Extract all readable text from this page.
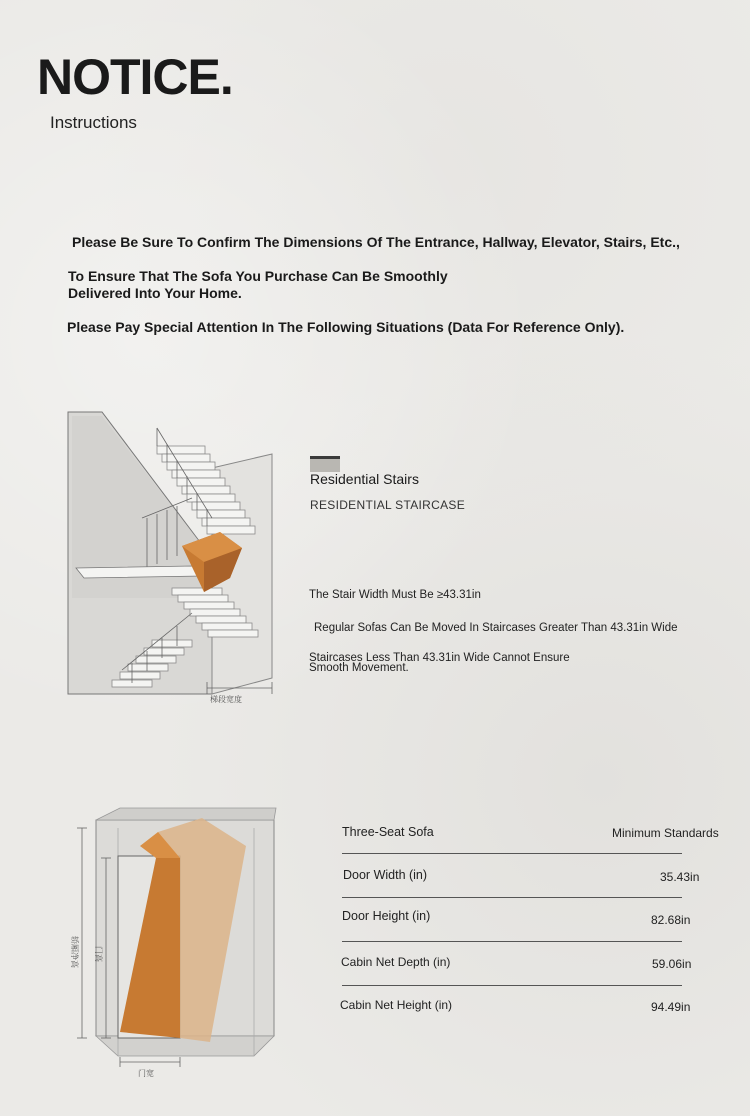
NOTICE.
Instructions
Please Be Sure To Confirm The Dimensions Of The Entrance, Hallway, Elevator, Stairs, Etc.,
To Ensure That The Sofa You Purchase Can Be Smoothly
Delivered Into Your Home.
Please Pay Special Attention In The Following Situations (Data For Reference Only).
梯段宽度
Residential Stairs
RESIDENTIAL STAIRCASE
The Stair Width Must Be ≥43.31in
Regular Sofas Can Be Moved In Staircases Greater Than 43.31in Wide
Staircases Less Than 43.31in Wide Cannot Ensure
Smooth Movement.
轿厢净高 门高
门宽
Three-Seat Sofa	Minimum Standards
Door Width (in)	35.43in
Door Height (in)	82.68in
Cabin Net Depth (in)	59.06in
Cabin Net Height (in)	94.49in
